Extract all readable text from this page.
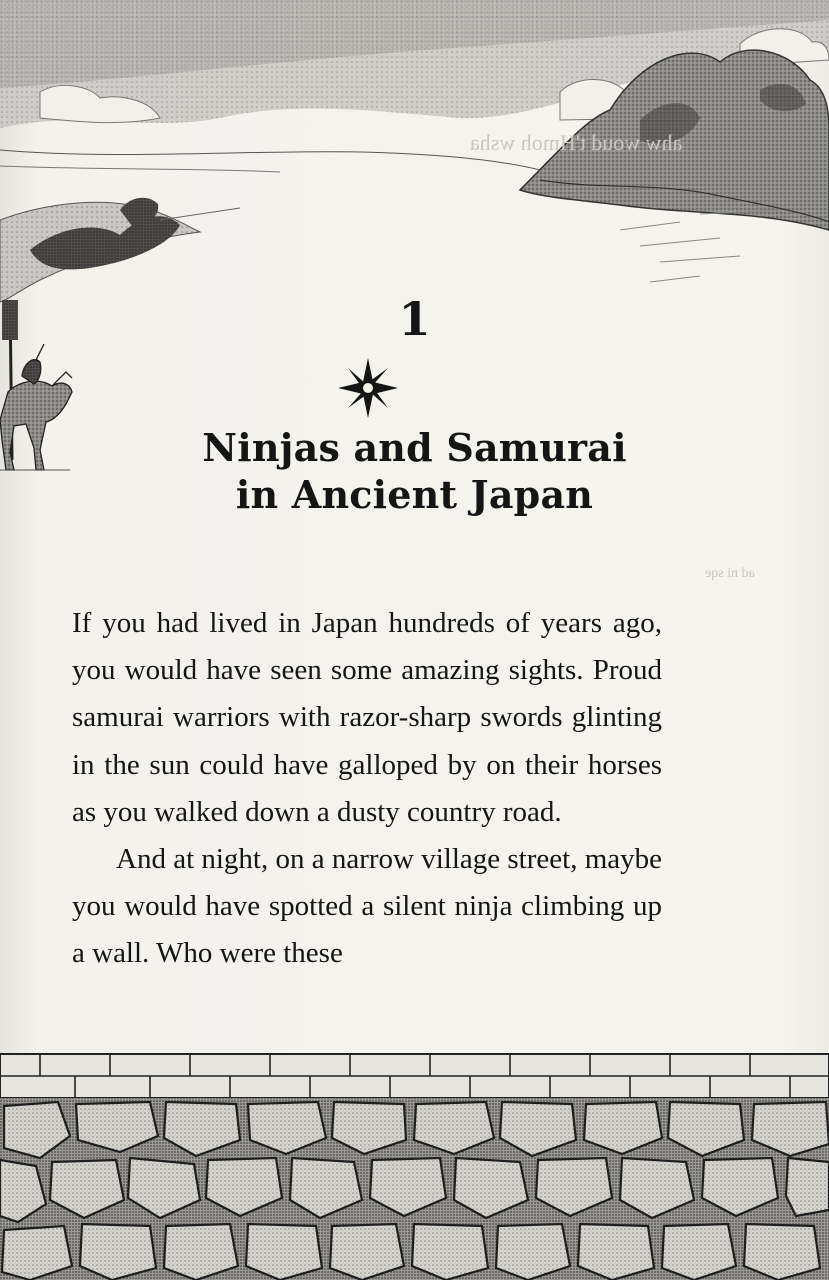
ahw woud t'Hmoh wsha
ad ni sqe
1
Ninjas and Samurai
in Ancient Japan

If you had lived in Japan hundreds of years ago, you would have seen some amazing sights. Proud samurai warriors with razor-sharp swords glinting in the sun could have galloped by on their horses as you walked down a dusty country road.

And at night, on a narrow village street, maybe you would have spotted a silent ninja climbing up a wall. Who were these
